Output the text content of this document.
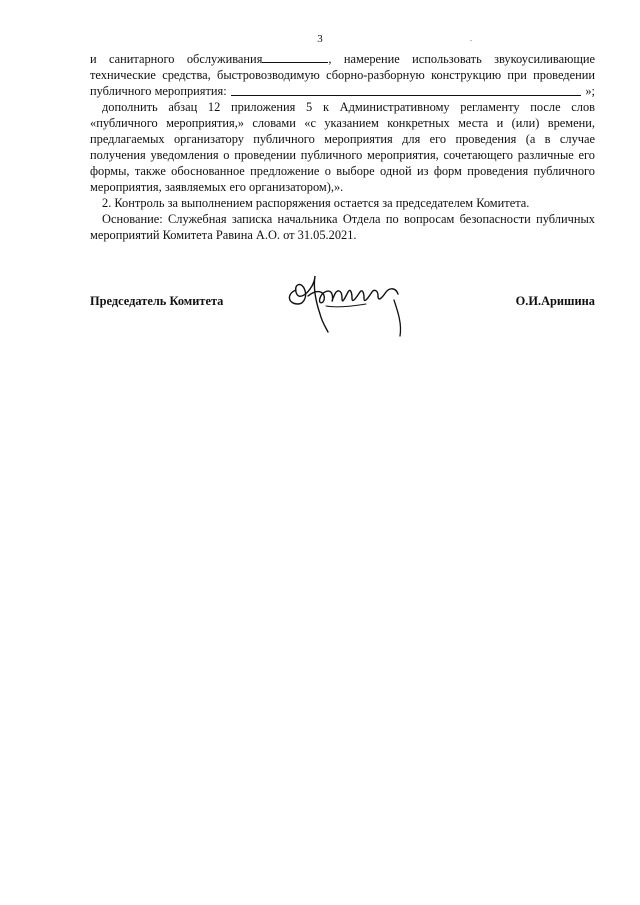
3	.

и санитарного обслуживания	, намерение использовать звукоусиливающие

технические средства, быстровозводимую сборно-разборную конструкцию при проведении

публичного мероприятия:	»;

дополнить абзац 12 приложения 5 к Административному регламенту после слов «публичного мероприятия,» словами «с указанием конкретных места и (или) времени, предлагаемых организатору публичного мероприятия для его проведения (а в случае получения уведомления о проведении публичного мероприятия, сочетающего различные его формы, также обоснованное предложение о выборе одной из форм проведения публичного мероприятия, заявляемых его организатором),».

2. Контроль за выполнением распоряжения остается за председателем Комитета.

Основание: Служебная записка начальника Отдела по вопросам безопасности публичных мероприятий Комитета Равина А.О. от 31.05.2021.

Председатель Комитета	О.И.Аришина
